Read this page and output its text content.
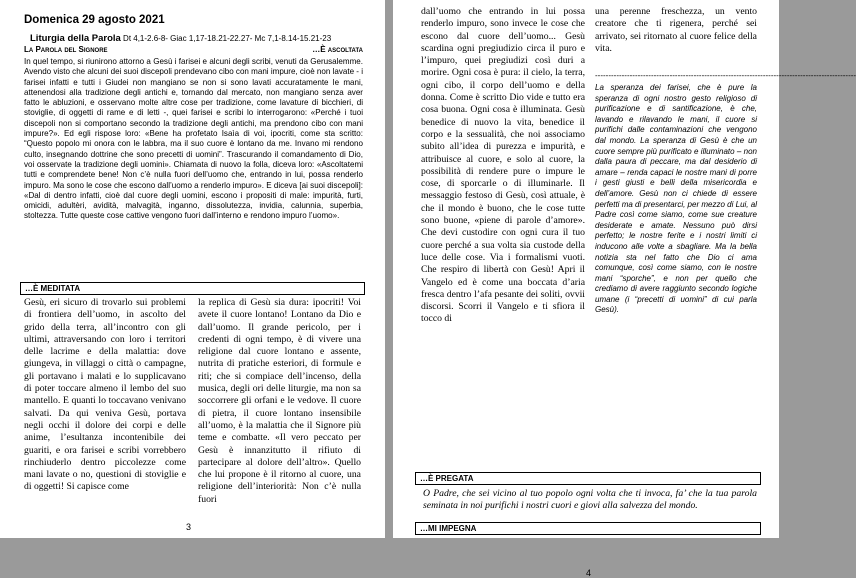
Domenica 29 agosto 2021
Liturgia della Parola Dt 4,1-2.6-8- Giac 1,17-18.21-22.27- Mc 7,1-8.14-15.21-23
La Parola del Signore	…È ascoltata

In quel tempo, si riunirono attorno a Gesù i farisei e alcuni degli scribi, venuti da Gerusalemme. Avendo visto che alcuni dei suoi discepoli prendevano cibo con mani impure, cioè non lavate - i farisei infatti e tutti i Giudei non mangiano se non si sono lavati accuratamente le mani, attenendosi alla tradizione degli antichi e, tornando dal mercato, non mangiano senza aver fatto le abluzioni, e osservano molte altre cose per tradizione, come lavature di bicchieri, di stoviglie, di oggetti di rame e di letti -, quei farisei e scribi lo interrogarono: «Perché i tuoi discepoli non si comportano secondo la tradizione degli antichi, ma prendono cibo con mani impure?». Ed egli rispose loro: «Bene ha profetato Isaìa di voi, ipocriti, come sta scritto: “Questo popolo mi onora con le labbra, ma il suo cuore è lontano da me. Invano mi rendono culto, insegnando dottrine che sono precetti di uomini”. Trascurando il comandamento di Dio, voi osservate la tradizione degli uomini». Chiamata di nuovo la folla, diceva loro: «Ascoltatemi tutti e comprendete bene! Non c’è nulla fuori dell’uomo che, entrando in lui, possa renderlo impuro. Ma sono le cose che escono dall’uomo a renderlo impuro». E diceva [ai suoi discepoli]: «Dal di dentro infatti, cioè dal cuore degli uomini, escono i propositi di male: impurità, furti, omicidi, adultèri, avidità, malvagità, inganno, dissolutezza, invidia, calunnia, superbia, stoltezza. Tutte queste cose cattive vengono fuori dall’interno e rendono impuro l’uomo».

…È MEDITATA

Gesù, eri sicuro di trovarlo sui problemi di frontiera dell’uomo, in ascolto del grido della terra, all’incontro con gli ultimi, attraversando con loro i territori delle lacrime e della malattia: dove giungeva, in villaggi o città o campagne, gli portavano i malati e lo supplicavano di poter toccare almeno il lembo del suo mantello. E quanti lo toccavano venivano salvati. Da qui veniva Gesù, portava negli occhi il dolore dei corpi e delle anime, l’esultanza incontenibile dei guariti, e ora farisei e scribi vorrebbero rinchiuderlo dentro piccolezze come mani lavate o no, questioni di stoviglie e di oggetti! Si capisce come

la replica di Gesù sia dura: ipocriti! Voi avete il cuore lontano! Lontano da Dio e dall’uomo. Il grande pericolo, per i credenti di ogni tempo, è di vivere una religione dal cuore lontano e assente, nutrita di pratiche esteriori, di formule e riti; che si compiace dell’incenso, della musica, degli ori delle liturgie, ma non sa soccorrere gli orfani e le vedove. Il cuore di pietra, il cuore lontano insensibile all’uomo, è la malattia che il Signore più teme e combatte. «Il vero peccato per Gesù è innanzitutto il rifiuto di partecipare al dolore dell’altro». Quello che lui propone è il ritorno al cuore, una religione dell’interiorità: Non c’è nulla fuori

3

dall’uomo che entrando in lui possa renderlo impuro, sono invece le cose che escono dal cuore dell’uomo... Gesù scardina ogni pregiudizio circa il puro e l’impuro, quei pregiudizi così duri a morire. Ogni cosa è pura: il cielo, la terra, ogni cibo, il corpo dell’uomo e della donna. Come è scritto Dio vide e tutto era cosa buona. Ogni cosa è illuminata. Gesù benedice di nuovo la vita, benedice il corpo e la sessualità, che noi associamo subito all’idea di purezza e impurità, e attribuisce al cuore, e solo al cuore, la possibilità di rendere pure o impure le cose, di sporcarle o di illuminarle. Il messaggio festoso di Gesù, così attuale, è che il mondo è buono, che le cose tutte sono buone, «piene di parole d’amore». Che devi custodire con ogni cura il tuo cuore perché a sua volta sia custode della luce delle cose. Via i formalismi vuoti. Che respiro di libertà con Gesù! Apri il Vangelo ed è come una boccata d’aria fresca dentro l’afa pesante dei soliti, ovvii discorsi. Scorri il Vangelo e ti sfiora il tocco di

una perenne freschezza, un vento creatore che ti rigenera, perché sei arrivato, sei ritornato al cuore felice della vita.

--------------------------------------------------------------------------------------------------

La speranza dei farisei, che è pure la speranza di ogni nostro gesto religioso di purificazione e di santificazione, è che, lavando e rilavando le mani, il cuore si purifichi dalle contaminazioni che vengono dal mondo. La speranza di Gesù è che un cuore sempre più purificato e illuminato – non dalla paura di peccare, ma dal desiderio di amare – renda capaci le nostre mani di porre i gesti giusti e belli della misericordia e dell’amore. Gesù non ci chiede di essere perfetti ma di presentarci, per mezzo di Lui, al Padre così come siamo, come sue creature desiderate e amate. Nessuno può dirsi perfetto; le nostre ferite e i nostri limiti ci inducono alle volte a sbagliare. Ma la bella notizia sta nel fatto che Dio ci ama comunque, così come siamo, con le nostre mani “sporche”, e non per quello che crediamo di avere raggiunto secondo logiche umane (i “precetti di uomini” di cui parla Gesù).

…È PREGATA

O Padre, che sei vicino al tuo popolo ogni volta che ti invoca, fa’ che la tua parola seminata in noi purifichi i nostri cuori e giovi alla salvezza del mondo.

…MI IMPEGNA
4
